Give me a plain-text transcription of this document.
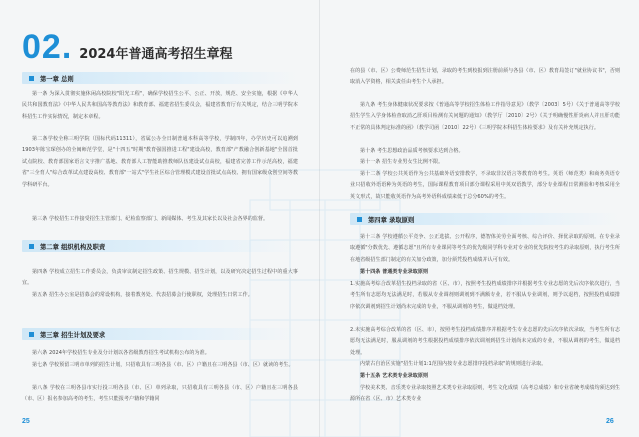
02 . 2024年普通高考招生章程
第一章 总则

第一条 为深入贯彻实施休闲高校院校"阳光工程"，确保学校招生公平、公正、开放，规范、安全实施，根据《中华人民共和国教育法》《中华人民共和国高等教育法》和教育部、福建省招生委员会，福建省教育厅有关规定，结合三明学院本科招生工作实际情况，制定本章程。

第二条学校全称三明学院（国标代码11311），省属公办全日制普通本科高等学校，学制四年，办学历史可以追溯到1903年陈宝琛创办的全闽师范学堂，是"十四五"时期"教育强国推进工程"建设高校，教育部"产教融合创新基地"全国首批试点院校、教育部国家语言文字推广基地、教育部人工智能助推教师队伍建设试点高校，福建省完善工作示范高校，福建省"三全育人"综合改革试点建设高校、教育部"一站式"学生社区综合管理模式建设首批试点高校、拥有国家级众创空间等教学科研平台。

第三条 学校招生工作接受招生主管部门、纪检监察部门、新闻媒体、考生及其家长以及社会各界的监督。

第二章 组织机构及职责

第四条 学校成立招生工作委员会，负责审议制定招生政策、招生规模、招生计划，以及研究决定招生过程中的重大事宜。

第五条 招生办公室是招募会的常设机构，接着教务处、代表招募会行使职权，处理招生日常工作。

第三章 招生计划及要求

第六条 2024年学校招生专业及分计划以各省级教育招生考试机构公布的为准。

第七条 学校预留三明市单列的招生计划，只招收具有三明各县（市、区）户籍且在三明各县（市、区）就读的考生。

第八条 学校在三明各县市实行投三明各县（市、区）单列录取，只招收具有三明各县（市、区）户籍且在三明各县（市、区）报名参加高考的考生，考生只能报考户籍和学籍同

25

在的县（市、区）公费师范生招生计划，录取的考生到校报到注册前须与各县（市、区）教育局签订"就业协议书"，否则取消入学资格，相关责任由考生个人承担。

第九条 考生身体健康状况要求按《普通高等学校招生体检工作指导意见》（教学〔2003〕5号）《关于普通高等学校招生学生入学身体检查取消乙肝项目检测有关问题的通知》（教学厅〔2010〕2号）《关于明确慢性肝炎病人并且肝功能不正常的具体判定标准的函》（教学司函〔2010〕22号）《三明学院本科招生体检要求》及有关补充规定执行。

第十条 考生思想政治品质考核要求达到合格。

第十一条 招生专业男女生比例不限。

第十二条 学校公共英语作为公共基础外语安排教学，不录取非汉语言等教育的考生。英语（师范类）和商务英语专业只招收外语语种为英语的考生，国际课程教育项目部分课程采用中英双语教学，部分专业课程日常测验和考核采用全英文形式，故只能收英语作为高考外语科成绩来低于总分60%的考生。

第四章 录取原则

第十三条 学校遵循公平竞争、公正选拔、公开程序，德智体美劳全面考核、综合评价、择优录取的原则。在专业录取遵循"分数优先、遵循志愿"且所有专业课同等考生的优先级同学科专业对专业的优先院校考生的录取原则，执行考生所在地省级招生部门制定的有关加分政策，加分须凭投档成绩并认可有效。

第十四条 普通类专业录取原则

1.实施高考综合改革招生投档录取的省（区、市），按照考生投档成绩排序并根据考生专业志愿的先后次序依次进行，当考生所有志愿均无法满足时，若服从专业调剂则调剂到不满额专业，若不服从专业调剂，则予以退档，按照投档成绩排序依次调剂到招生计划尚未完成的专业，不服从调剂的考生，做退档处理。

2.未实施高考综合改革的省（区、市），按照考生投档成绩排序并根据考生专业志愿的先后次序依次录取，当考生所有志愿均无法满足时，服从调剂的考生根据投档成绩排序依次调剂到招生计划尚未完成的专业，不服从调剂的考生，做退档处理。

内蒙古自治区实施"招生计划1:1范围内按专业志愿排序投档录取"的规则进行录取。

第十五条 艺术类专业录取原则

学校美术类、音乐类专业录取按照艺术类专业录取原则，考生文化成绩（高考总成绩）和专业省统考成绩均须达到生源所在省（区、市）艺术类专业

26
